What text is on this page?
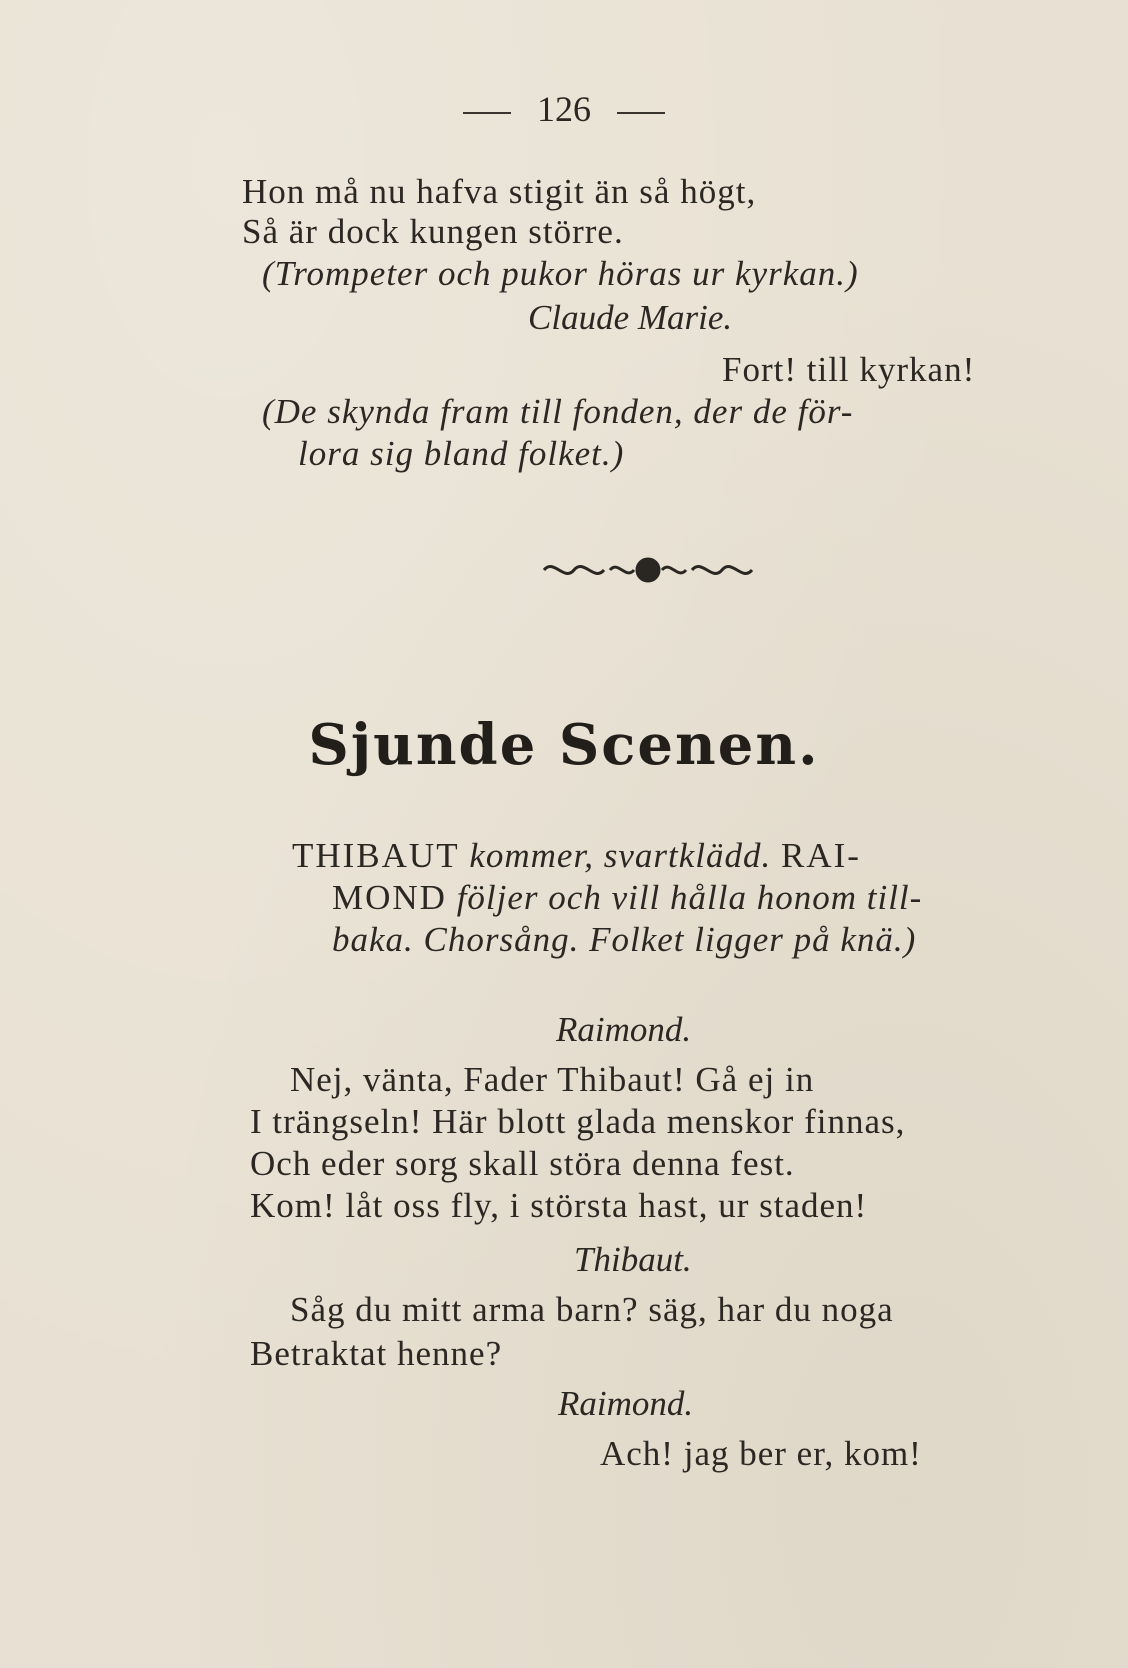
126
Hon må nu hafva stigit än så högt,
Så är dock kungen större.
(Trompeter och pukor höras ur kyrkan.)
Claude Marie.
Fort! till kyrkan!
(De skynda fram till fonden, der de för-
lora sig bland folket.)
Sjunde Scenen.
THIBAUT kommer, svartklädd. RAI-
MOND följer och vill hålla honom till-
baka. Chorsång. Folket ligger på knä.)
Raimond.
Nej, vänta, Fader Thibaut! Gå ej in
I trängseln! Här blott glada menskor finnas,
Och eder sorg skall störa denna fest.
Kom! låt oss fly, i största hast, ur staden!
Thibaut.
Såg du mitt arma barn? säg, har du noga
Betraktat henne?
Raimond.
Ach! jag ber er, kom!
